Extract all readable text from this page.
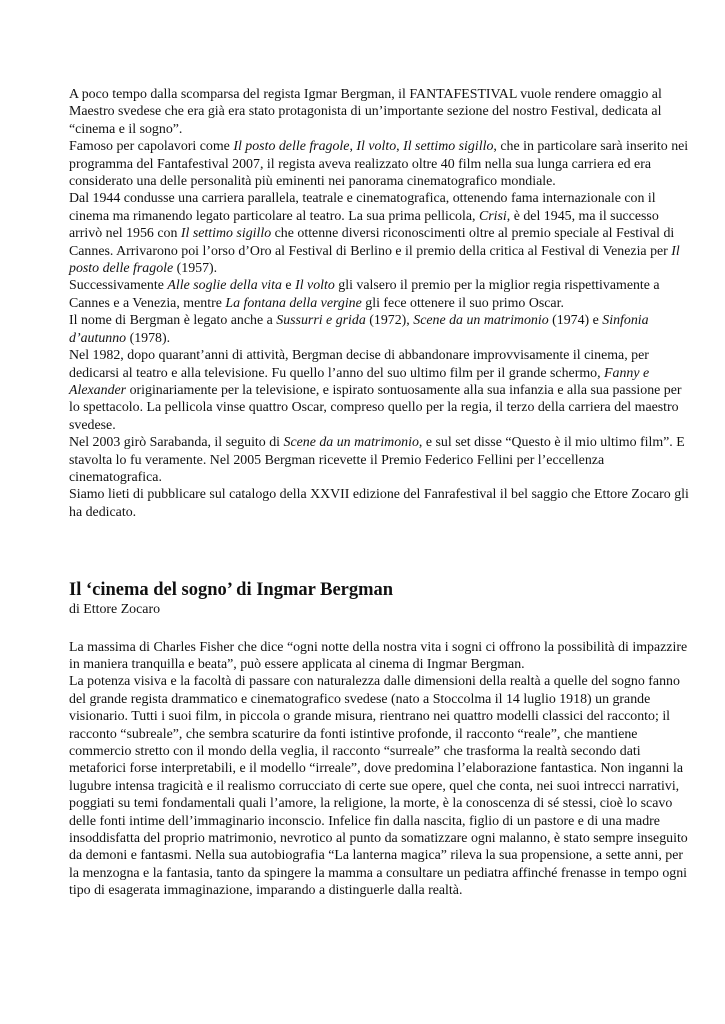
A poco tempo dalla scomparsa del regista Igmar Bergman, il FANTAFESTIVAL vuole rendere omaggio al Maestro svedese che era già era stato protagonista di un’importante sezione del nostro Festival, dedicata al “cinema e il sogno”.

Famoso per capolavori come Il posto delle fragole, Il volto, Il settimo sigillo, che in particolare sarà inserito nei programma del Fantafestival 2007, il regista aveva realizzato oltre 40 film nella sua lunga carriera ed era considerato una delle personalità più eminenti nei panorama cinematografico mondiale.

Dal 1944 condusse una carriera parallela, teatrale e cinematografica, ottenendo fama internazionale con il cinema ma rimanendo legato particolare al teatro. La sua prima pellicola, Crisi, è del 1945, ma il successo arrivò nel 1956 con Il settimo sigillo che ottenne diversi riconoscimenti oltre al premio speciale al Festival di Cannes. Arrivarono poi l’orso d’Oro al Festival di Berlino e il premio della critica al Festival di Venezia per Il posto delle fragole (1957).

Successivamente Alle soglie della vita e Il volto gli valsero il premio per la miglior regia rispettivamente a Cannes e a Venezia, mentre La fontana della vergine gli fece ottenere il suo primo Oscar.

Il nome di Bergman è legato anche a Sussurri e grida (1972), Scene da un matrimonio (1974) e Sinfonia d’autunno (1978).

Nel 1982, dopo quarant’anni di attività, Bergman decise di abbandonare improvvisamente il cinema, per dedicarsi al teatro e alla televisione. Fu quello l’anno del suo ultimo film per il grande schermo, Fanny e Alexander originariamente per la televisione, e ispirato sontuosamente alla sua infanzia e alla sua passione per lo spettacolo. La pellicola vinse quattro Oscar, compreso quello per la regia, il terzo della carriera del maestro svedese.

Nel 2003 girò Sarabanda, il seguito di Scene da un matrimonio, e sul set disse “Questo è il mio ultimo film”. E stavolta lo fu veramente. Nel 2005 Bergman ricevette il Premio Federico Fellini per l’eccellenza cinematografica.

Siamo lieti di pubblicare sul catalogo della XXVII edizione del Fanrafestival il bel saggio che Ettore Zocaro gli ha dedicato.

Il ‘cinema del sogno’ di Ingmar Bergman
di Ettore Zocaro

La massima di Charles Fisher che dice “ogni notte della nostra vita i sogni ci offrono la possibilità di impazzire in maniera tranquilla e beata”, può essere applicata al cinema di Ingmar Bergman.

La potenza visiva e la facoltà di passare con naturalezza dalle dimensioni della realtà a quelle del sogno fanno del grande regista drammatico e cinematografico svedese (nato a Stoccolma il 14 luglio 1918) un grande visionario. Tutti i suoi film, in piccola o grande misura, rientrano nei quattro modelli classici del racconto; il racconto “subreale”, che sembra scaturire da fonti istintive profonde, il racconto “reale”, che mantiene commercio stretto con il mondo della veglia, il racconto “surreale” che trasforma la realtà secondo dati metaforici forse interpretabili, e il modello “irreale”, dove predomina l’elaborazione fantastica. Non inganni la lugubre intensa tragicità e il realismo corrucciato di certe sue opere, quel che conta, nei suoi intrecci narrativi, poggiati su temi fondamentali quali l’amore, la religione, la morte, è la conoscenza di sé stessi, cioè lo scavo delle fonti intime dell’immaginario inconscio. Infelice fin dalla nascita, figlio di un pastore e di una madre insoddisfatta del proprio matrimonio, nevrotico al punto da somatizzare ogni malanno, è stato sempre inseguito da demoni e fantasmi. Nella sua autobiografia “La lanterna magica” rileva la sua propensione, a sette anni, per la menzogna e la fantasia, tanto da spingere la mamma a consultare un pediatra affinché frenasse in tempo ogni tipo di esagerata immaginazione, imparando a distinguerle dalla realtà.
